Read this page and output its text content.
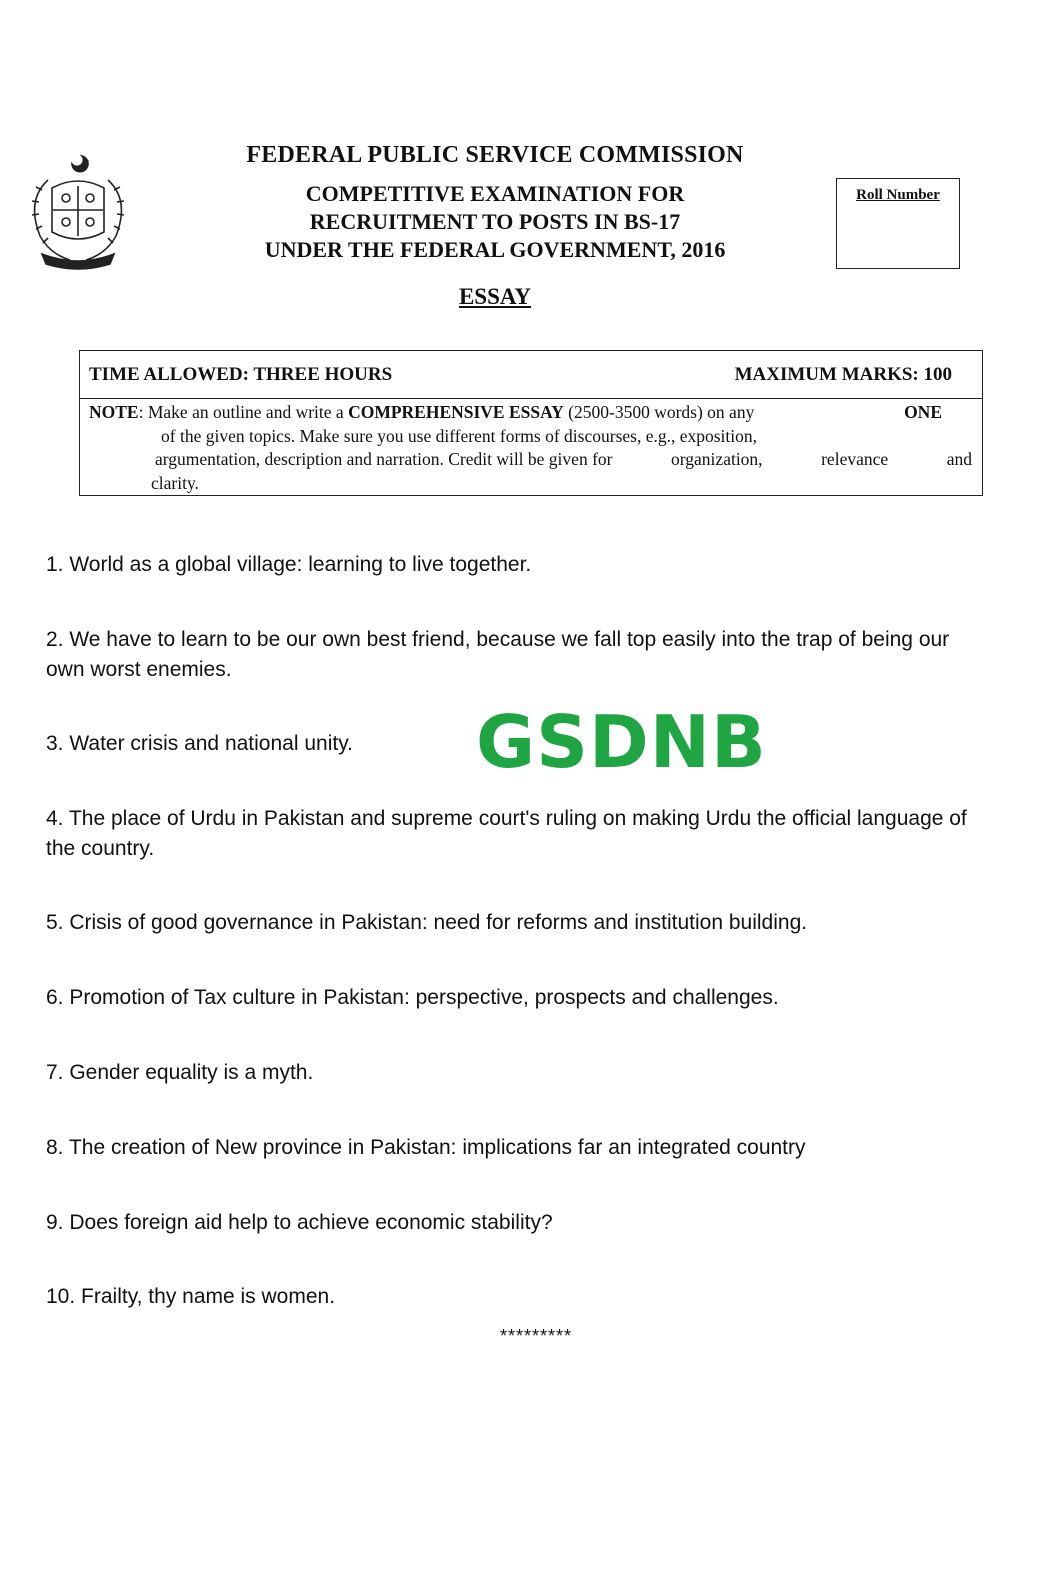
FEDERAL PUBLIC SERVICE COMMISSION
COMPETITIVE EXAMINATION FOR
RECRUITMENT TO POSTS IN BS-17
UNDER THE FEDERAL GOVERNMENT, 2016
ESSAY
Roll Number
TIME ALLOWED: THREE HOURS	MAXIMUM MARKS: 100
NOTE: Make an outline and write a COMPREHENSIVE ESSAY (2500-3500 words) on any	ONE
of the given topics. Make sure you use different forms of discourses, e.g., exposition,
argumentation, description and narration. Credit will be given for	organization,	relevance	and
clarity.
1. World as a global village: learning to live together.
2. We have to learn to be our own best friend, because we fall top easily into the trap of being our own worst enemies.
3. Water crisis and national unity.
4. The place of Urdu in Pakistan and supreme court's ruling on making Urdu the official language of the country.
5. Crisis of good governance in Pakistan: need for reforms and institution building.
6. Promotion of Tax culture in Pakistan: perspective, prospects and challenges.
7. Gender equality is a myth.
8. The creation of New province in Pakistan: implications far an integrated country
9. Does foreign aid help to achieve economic stability?
10. Frailty, thy name is women.
GSDNB
*********
